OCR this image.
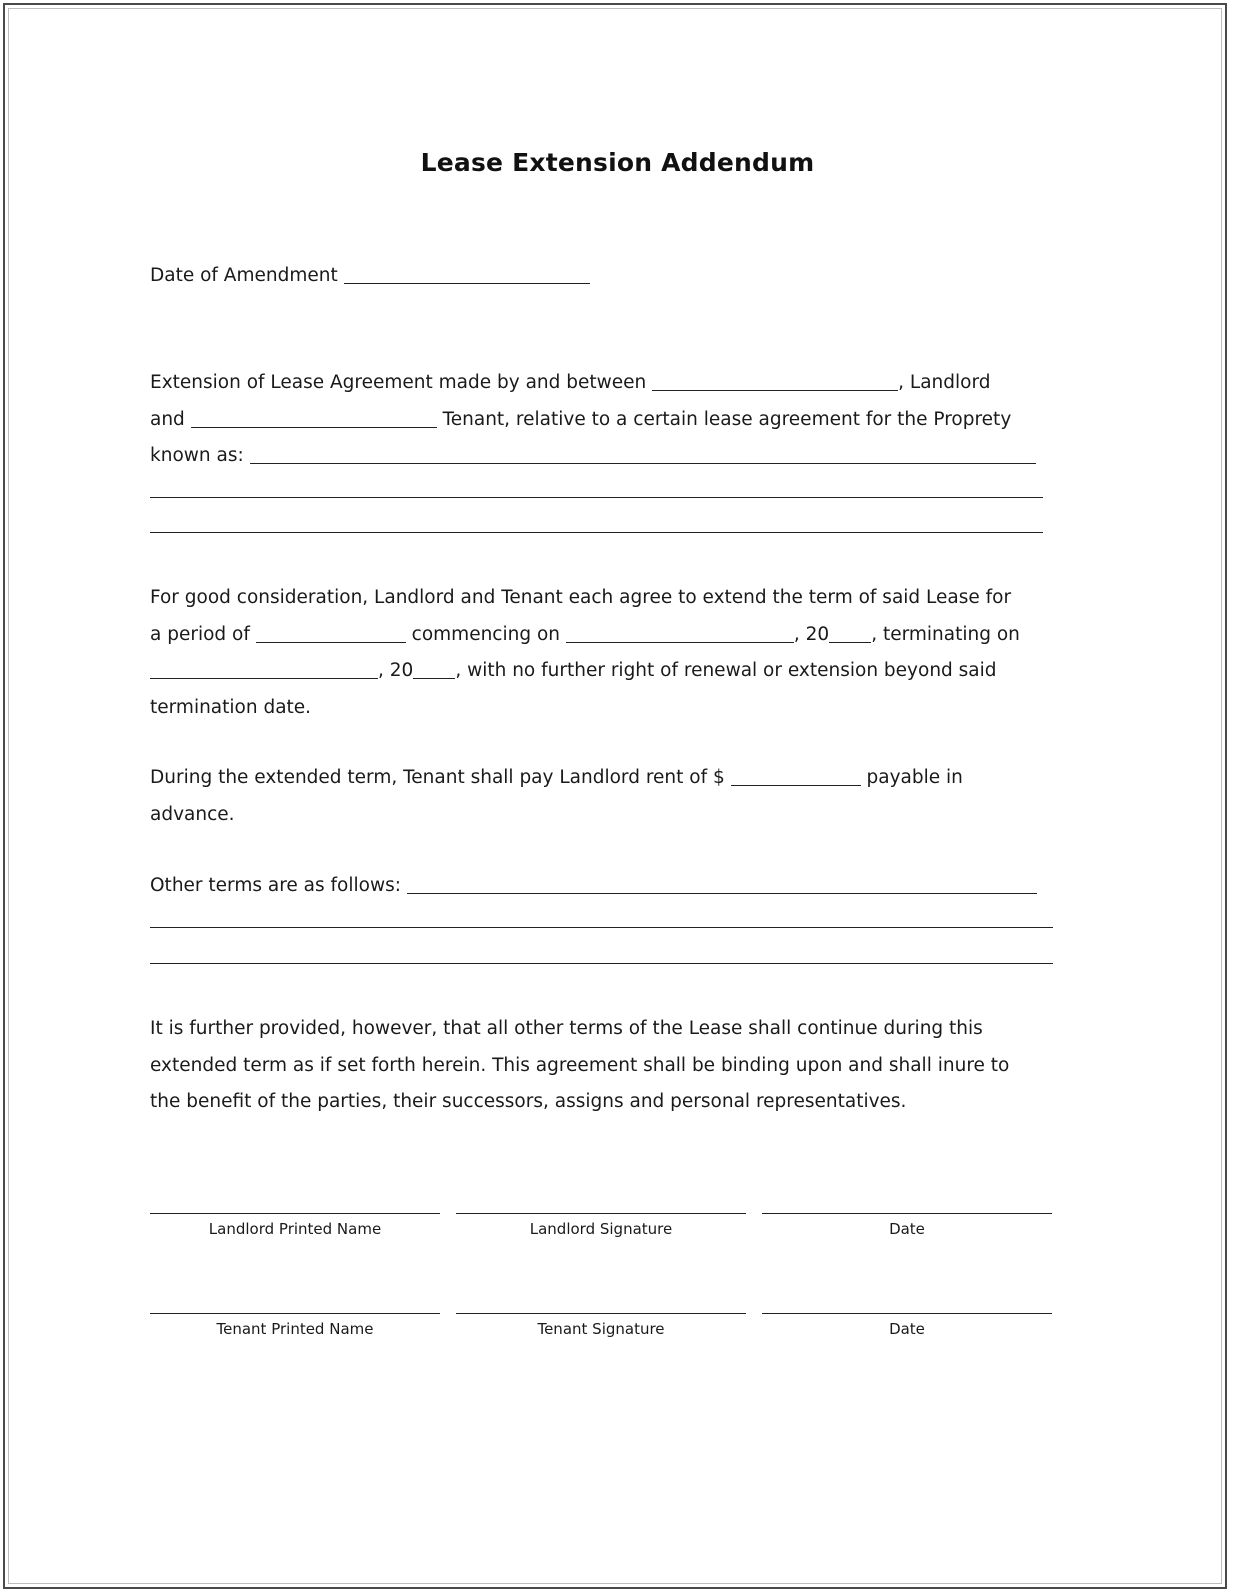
Lease Extension Addendum
Date of Amendment
Extension of Lease Agreement made by and between	, Landlord
and	Tenant, relative to a certain lease agreement for the Proprety
known as:
For good consideration, Landlord and Tenant each agree to extend the term of said Lease for
a period of	commencing on	, 20 , terminating on
, 20 , with no further right of renewal or extension beyond said
termination date.
During the extended term, Tenant shall pay Landlord rent of $	payable in
advance.
Other terms are as follows:
It is further provided, however, that all other terms of the Lease shall continue during this
extended term as if set forth herein. This agreement shall be binding upon and shall inure to
the benefit of the parties, their successors, assigns and personal representatives.
Landlord Printed Name	Landlord Signature	Date
Tenant Printed Name	Tenant Signature	Date
